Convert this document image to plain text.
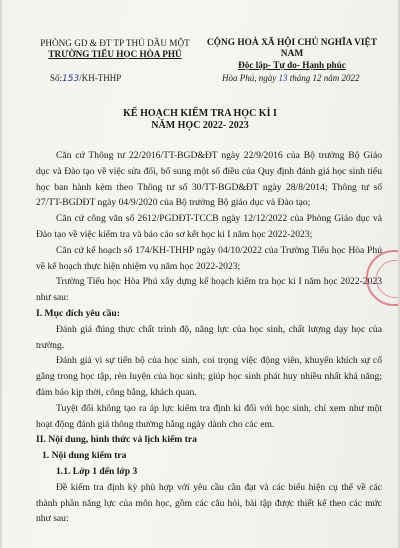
PHÒNG GD & ĐT TP THỦ DẦU MỘT
TRƯỜNG TIỂU HỌC HÒA PHÚ
CỘNG HOÀ XÃ HỘI CHỦ NGHĨA VIỆT NAM
Độc lập- Tự do- Hạnh phúc
Số:153/KH-THHP	Hòa Phú, ngày 13 tháng 12 năm 2022
KẾ HOẠCH KIỂM TRA HỌC KÌ I
NĂM HỌC 2022- 2023

Căn cứ Thông tư 22/2016/TT-BGD&ĐT ngày 22/9/2016 của Bộ trưởng Bộ Giáo dục và Đào tạo về việc sửa đổi, bổ sung một số điều của Quy định đánh giá học sinh tiểu học ban hành kèm theo Thông tư số 30/TT-BGD&ĐT ngày 28/8/2014; Thông tư số 27/TT-BGDĐT ngày 04/9/2020 của Bộ trưởng Bộ giáo dục và Đào tạo;

Căn cứ công văn số 2612/PGDĐT-TCCB ngày 12/12/2022 của Phòng Giáo dục và Đào tạo về việc kiểm tra và báo cáo sơ kết học kì I năm học 2022-2023;

Căn cứ kế hoạch số 174/KH-THHP ngày 04/10/2022 của Trường Tiểu học Hòa Phú về kế hoạch thực hiện nhiệm vụ năm học 2022-2023;

Trường Tiểu học Hòa Phú xây dựng kế hoạch kiểm tra học kì I năm học 2022-2023 như sau:

I. Mục đích yêu cầu:

Đánh giá đúng thực chất trình độ, năng lực của học sinh, chất lượng dạy học của trường.

Đánh giá vì sự tiến bộ của học sinh, coi trọng việc động viên, khuyến khích sự cố gắng trong học tập, rèn luyện của học sinh; giúp học sinh phát huy nhiều nhất khả năng; đảm bảo kịp thời, công bằng, khách quan.

Tuyệt đối không tạo ra áp lực kiểm tra định kì đối với học sinh, chỉ xem như một hoạt động đánh giá thông thường hằng ngày dành cho các em.

II. Nội dung, hình thức và lịch kiểm tra

1. Nội dung kiểm tra

1.1. Lớp 1 đến lớp 3

Đề kiểm tra định kỳ phù hợp với yêu cầu cần đạt và các biểu hiện cụ thể về các thành phần năng lực của môn học, gồm các câu hỏi, bài tập được thiết kế theo các mức như sau:
